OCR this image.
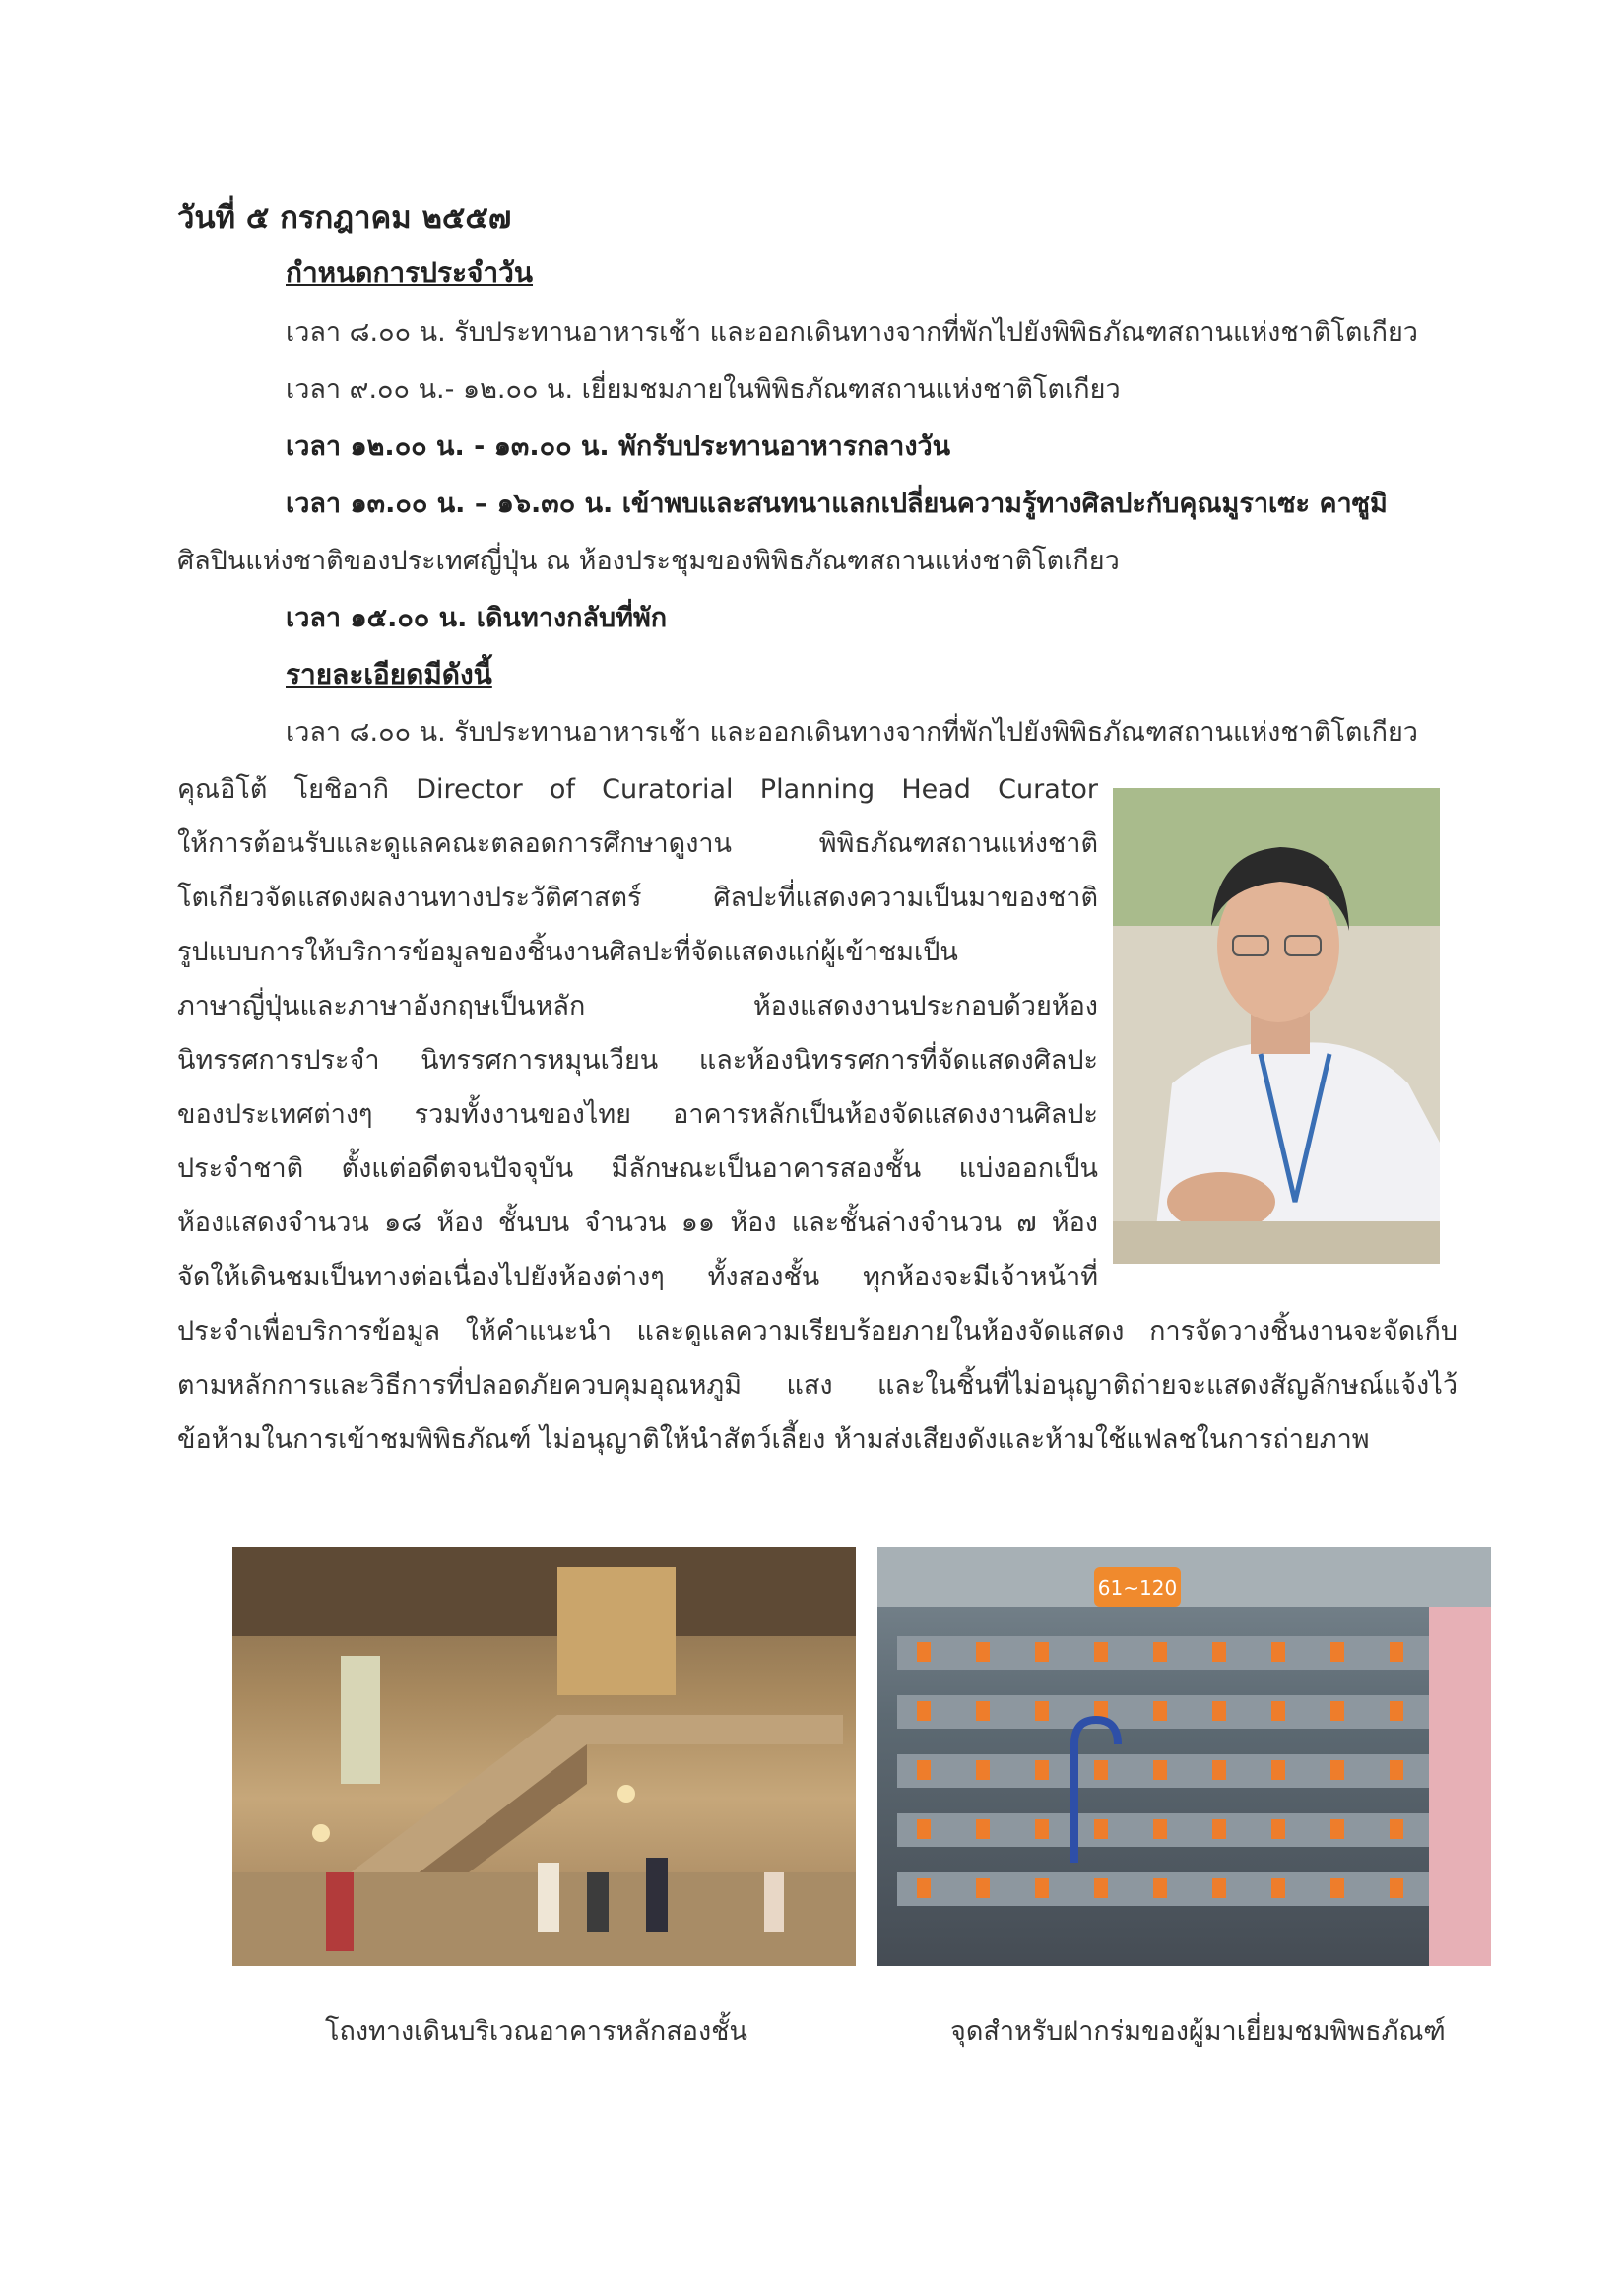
วันที่ ๕ กรกฎาคม ๒๕๕๗
กำหนดการประจำวัน
เวลา ๘.๐๐ น. รับประทานอาหารเช้า และออกเดินทางจากที่พักไปยังพิพิธภัณฑสถานแห่งชาติโตเกียว
เวลา ๙.๐๐ น.- ๑๒.๐๐ น. เยี่ยมชมภายในพิพิธภัณฑสถานแห่งชาติโตเกียว
เวลา ๑๒.๐๐ น. - ๑๓.๐๐ น. พักรับประทานอาหารกลางวัน
เวลา ๑๓.๐๐ น. – ๑๖.๓๐ น. เข้าพบและสนทนาแลกเปลี่ยนความรู้ทางศิลปะกับคุณมูราเซะ คาซูมิ
ศิลปินแห่งชาติของประเทศญี่ปุ่น ณ ห้องประชุมของพิพิธภัณฑสถานแห่งชาติโตเกียว
เวลา ๑๕.๐๐ น. เดินทางกลับที่พัก
รายละเอียดมีดังนี้
เวลา ๘.๐๐ น. รับประทานอาหารเช้า และออกเดินทางจากที่พักไปยังพิพิธภัณฑสถานแห่งชาติโตเกียว
คุณอิโต้ โยชิอากิ Director of Curatorial Planning Head Curator
ให้การต้อนรับและดูแลคณะตลอดการศึกษาดูงาน พิพิธภัณฑสถานแห่งชาติ
โตเกียวจัดแสดงผลงานทางประวัติศาสตร์ ศิลปะที่แสดงความเป็นมาของชาติ
รูปแบบการให้บริการข้อมูลของชิ้นงานศิลปะที่จัดแสดงแก่ผู้เข้าชมเป็น
ภาษาญี่ปุ่นและภาษาอังกฤษเป็นหลัก ห้องแสดงงานประกอบด้วยห้อง
นิทรรศการประจำ นิทรรศการหมุนเวียน และห้องนิทรรศการที่จัดแสดงศิลปะ
ของประเทศต่างๆ รวมทั้งงานของไทย อาคารหลักเป็นห้องจัดแสดงงานศิลปะ
ประจำชาติ ตั้งแต่อดีตจนปัจจุบัน มีลักษณะเป็นอาคารสองชั้น แบ่งออกเป็น
ห้องแสดงจำนวน ๑๘ ห้อง ชั้นบน จำนวน ๑๑ ห้อง และชั้นล่างจำนวน ๗ ห้อง
จัดให้เดินชมเป็นทางต่อเนื่องไปยังห้องต่างๆ ทั้งสองชั้น ทุกห้องจะมีเจ้าหน้าที่
ประจำเพื่อบริการข้อมูล ให้คำแนะนำ และดูแลความเรียบร้อยภายในห้องจัดแสดง การจัดวางชิ้นงานจะจัดเก็บ
ตามหลักการและวิธีการที่ปลอดภัยควบคุมอุณหภูมิ แสง และในชิ้นที่ไม่อนุญาติถ่ายจะแสดงสัญลักษณ์แจ้งไว้
ข้อห้ามในการเข้าชมพิพิธภัณฑ์ ไม่อนุญาติให้นำสัตว์เลี้ยง ห้ามส่งเสียงดังและห้ามใช้แฟลชในการถ่ายภาพ
61~120
โถงทางเดินบริเวณอาคารหลักสองชั้น	จุดสำหรับฝากร่มของผู้มาเยี่ยมชมพิพธภัณฑ์
